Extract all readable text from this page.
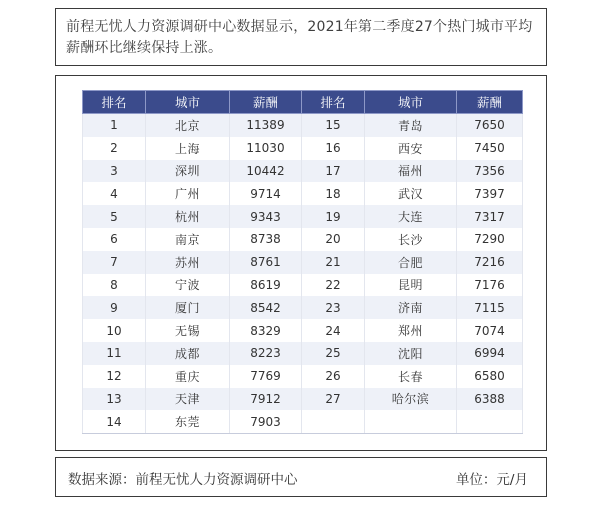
前程无忧人力资源调研中心数据显示，2021年第二季度27个热门城市平均薪酬环比继续保持上涨。
排名	城市	薪酬	排名	城市	薪酬
1	北京	11389	15	青岛	7650
2	上海	11030	16	西安	7450
3	深圳	10442	17	福州	7356
4	广州	9714	18	武汉	7397
5	杭州	9343	19	大连	7317
6	南京	8738	20	长沙	7290
7	苏州	8761	21	合肥	7216
8	宁波	8619	22	昆明	7176
9	厦门	8542	23	济南	7115
10	无锡	8329	24	郑州	7074
11	成都	8223	25	沈阳	6994
12	重庆	7769	26	长春	6580
13	天津	7912	27	哈尔滨	6388
14	东莞	7903			
数据来源：前程无忧人力资源调研中心	单位：元/月
